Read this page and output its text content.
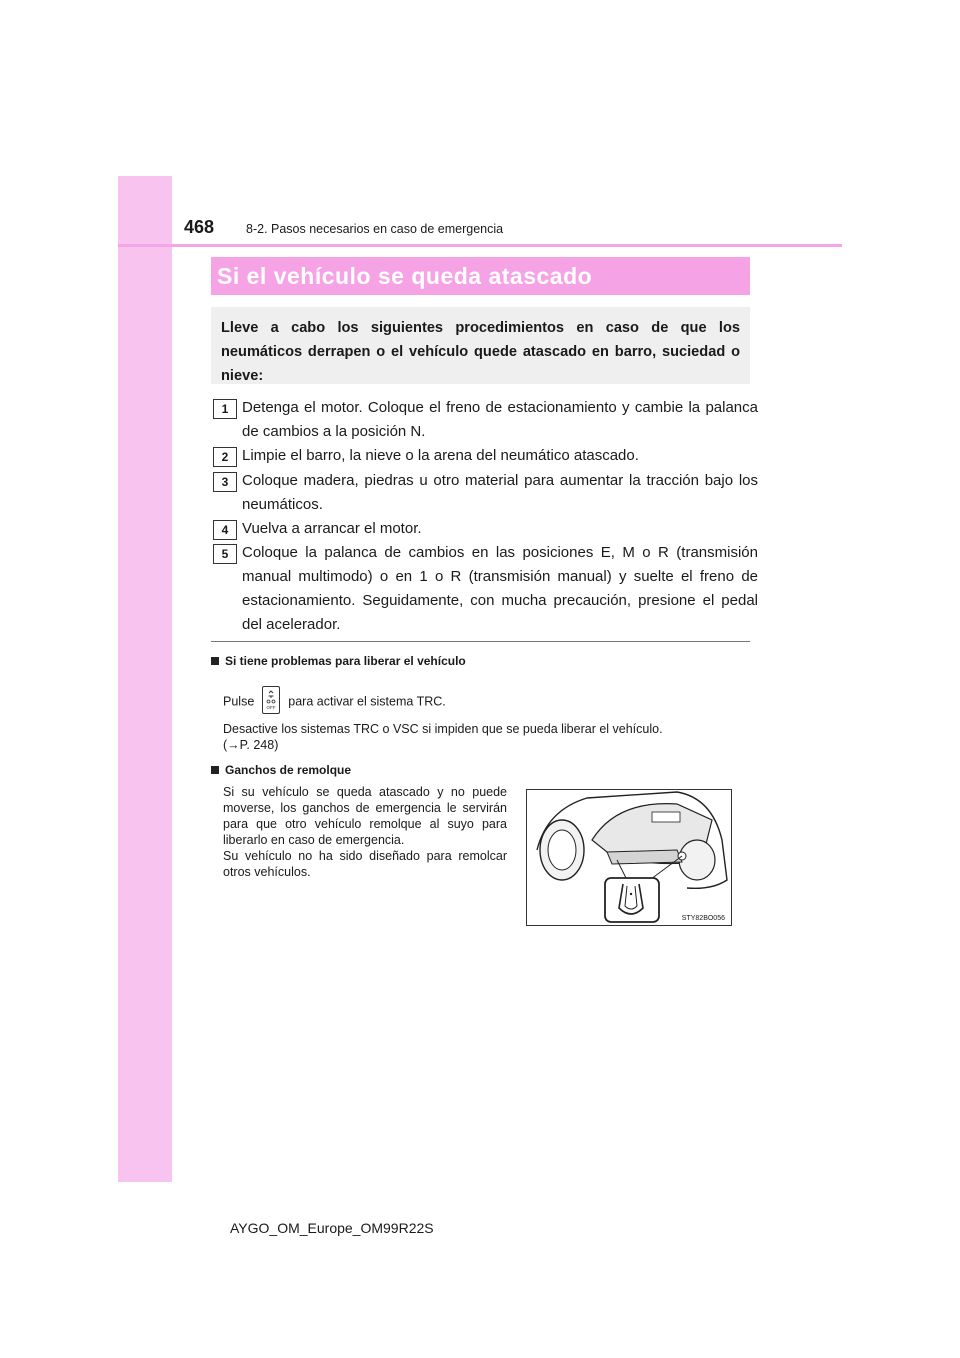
468	8-2. Pasos necesarios en caso de emergencia
Si el vehículo se queda atascado
Lleve a cabo los siguientes procedimientos en caso de que los neumáticos derrapen o el vehículo quede atascado en barro, suciedad o nieve:
1 Detenga el motor. Coloque el freno de estacionamiento y cambie la palanca de cambios a la posición N.
2 Limpie el barro, la nieve o la arena del neumático atascado.
3 Coloque madera, piedras u otro material para aumentar la tracción bajo los neumáticos.
4 Vuelva a arrancar el motor.
5 Coloque la palanca de cambios en las posiciones E, M o R (transmisión manual multimodo) o en 1 o R (transmisión manual) y suelte el freno de estacionamiento. Seguidamente, con mucha precaución, presione el pedal del acelerador.
Si tiene problemas para liberar el vehículo
Pulse	OFF para activar el sistema TRC.
Desactive los sistemas TRC o VSC si impiden que se pueda liberar el vehículo.
(→P. 248)
Ganchos de remolque
Si su vehículo se queda atascado y no puede moverse, los ganchos de emergencia le servirán para que otro vehículo remolque al suyo para liberarlo en caso de emergencia.
Su vehículo no ha sido diseñado para remolcar otros vehículos.
STY82BO056
AYGO_OM_Europe_OM99R22S
